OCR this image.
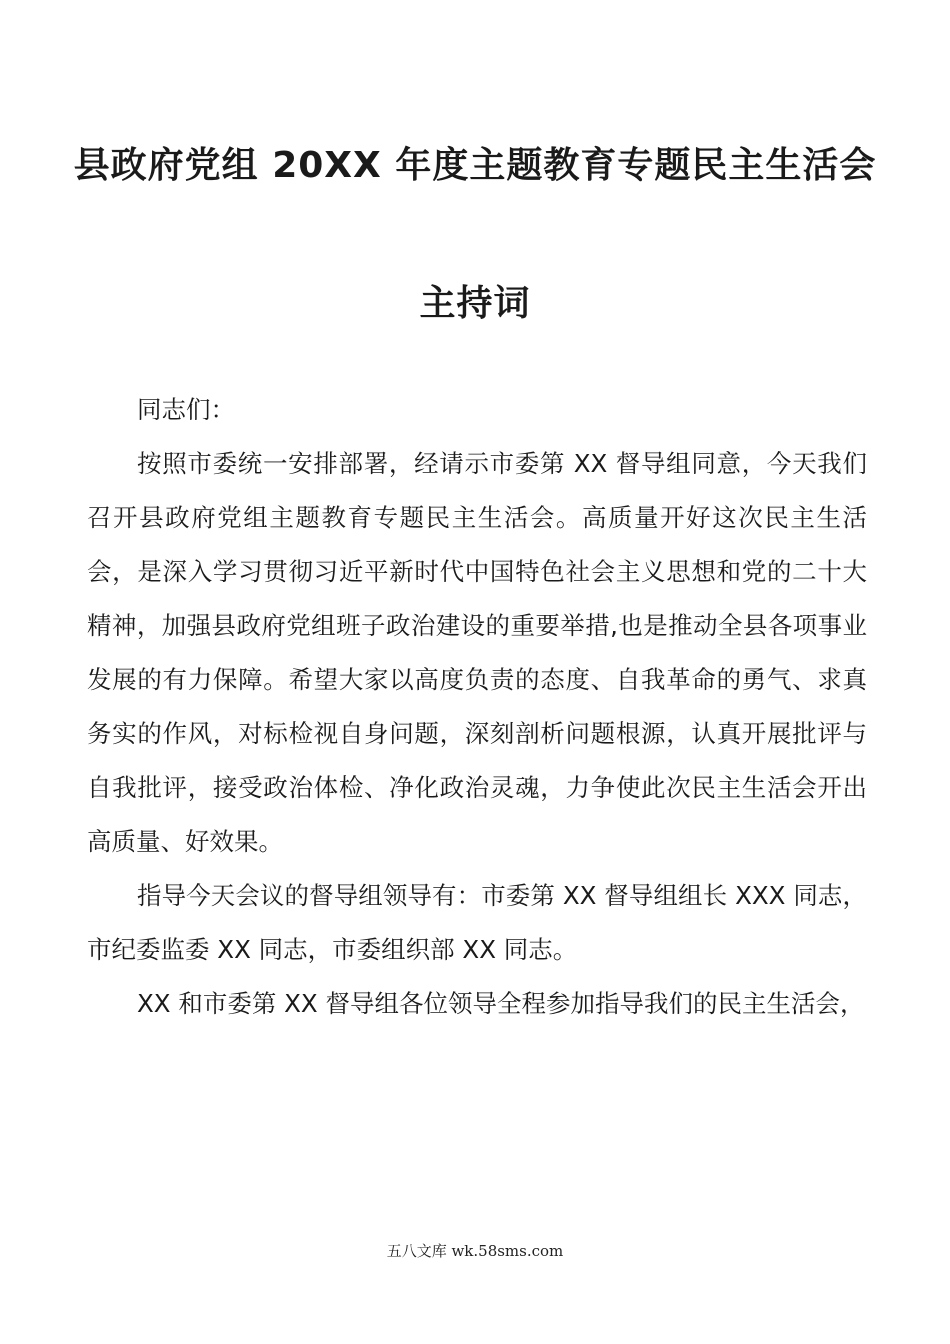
县政府党组 20XX 年度主题教育专题民主生活会
主持词

同志们：

按照市委统一安排部署，经请示市委第 XX 督导组同意，今天我们召开县政府党组主题教育专题民主生活会。高质量开好这次民主生活会，是深入学习贯彻习近平新时代中国特色社会主义思想和党的二十大精神，加强县政府党组班子政治建设的重要举措,也是推动全县各项事业发展的有力保障。希望大家以高度负责的态度、自我革命的勇气、求真务实的作风，对标检视自身问题，深刻剖析问题根源，认真开展批评与自我批评，接受政治体检、净化政治灵魂，力争使此次民主生活会开出高质量、好效果。

指导今天会议的督导组领导有：市委第 XX 督导组组长 XXX 同志，市纪委监委 XX 同志，市委组织部 XX 同志。

XX 和市委第 XX 督导组各位领导全程参加指导我们的民主生活会，

五八文库 wk.58sms.com
